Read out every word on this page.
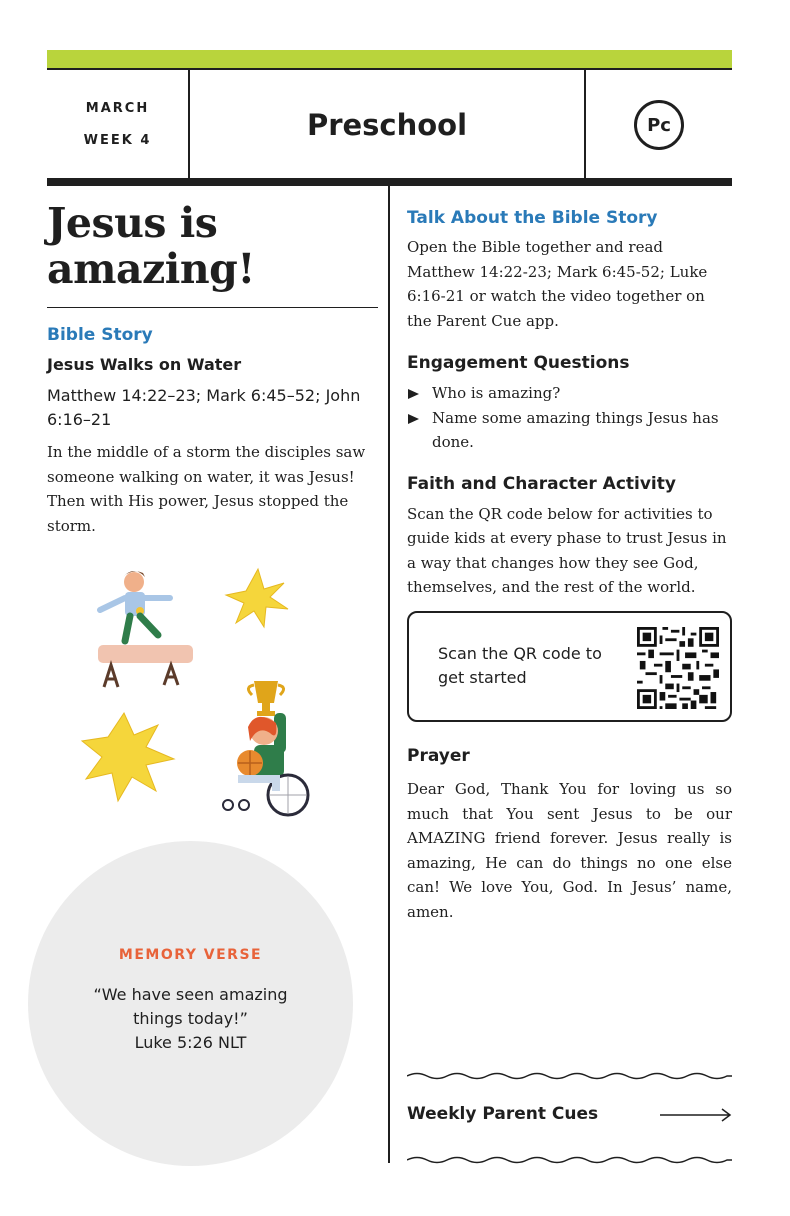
MARCH
WEEK 4	Preschool	Pc
Jesus is amazing!
Bible Story
Jesus Walks on Water
Matthew 14:22–23; Mark 6:45–52; John 6:16–21

In the middle of a storm the disciples saw someone walking on water, it was Jesus! Then with His power, Jesus stopped the storm.

MEMORY VERSE
“We have seen amazing things today!”
Luke 5:26 NLT
Talk About the Bible Story

Open the Bible together and read Matthew 14:22-23; Mark 6:45-52; Luke 6:16-21 or watch the video together on the Parent Cue app.

Engagement Questions
Who is amazing?
Name some amazing things Jesus has done.
Faith and Character Activity

Scan the QR code below for activities to guide kids at every phase to trust Jesus in a way that changes how they see God, themselves, and the rest of the world.

Scan the QR code to get started
Prayer

Dear God, Thank You for loving us so much that You sent Jesus to be our AMAZING friend forever. Jesus really is amazing, He can do things no one else can! We love You, God. In Jesus’ name, amen.

Weekly Parent Cues
